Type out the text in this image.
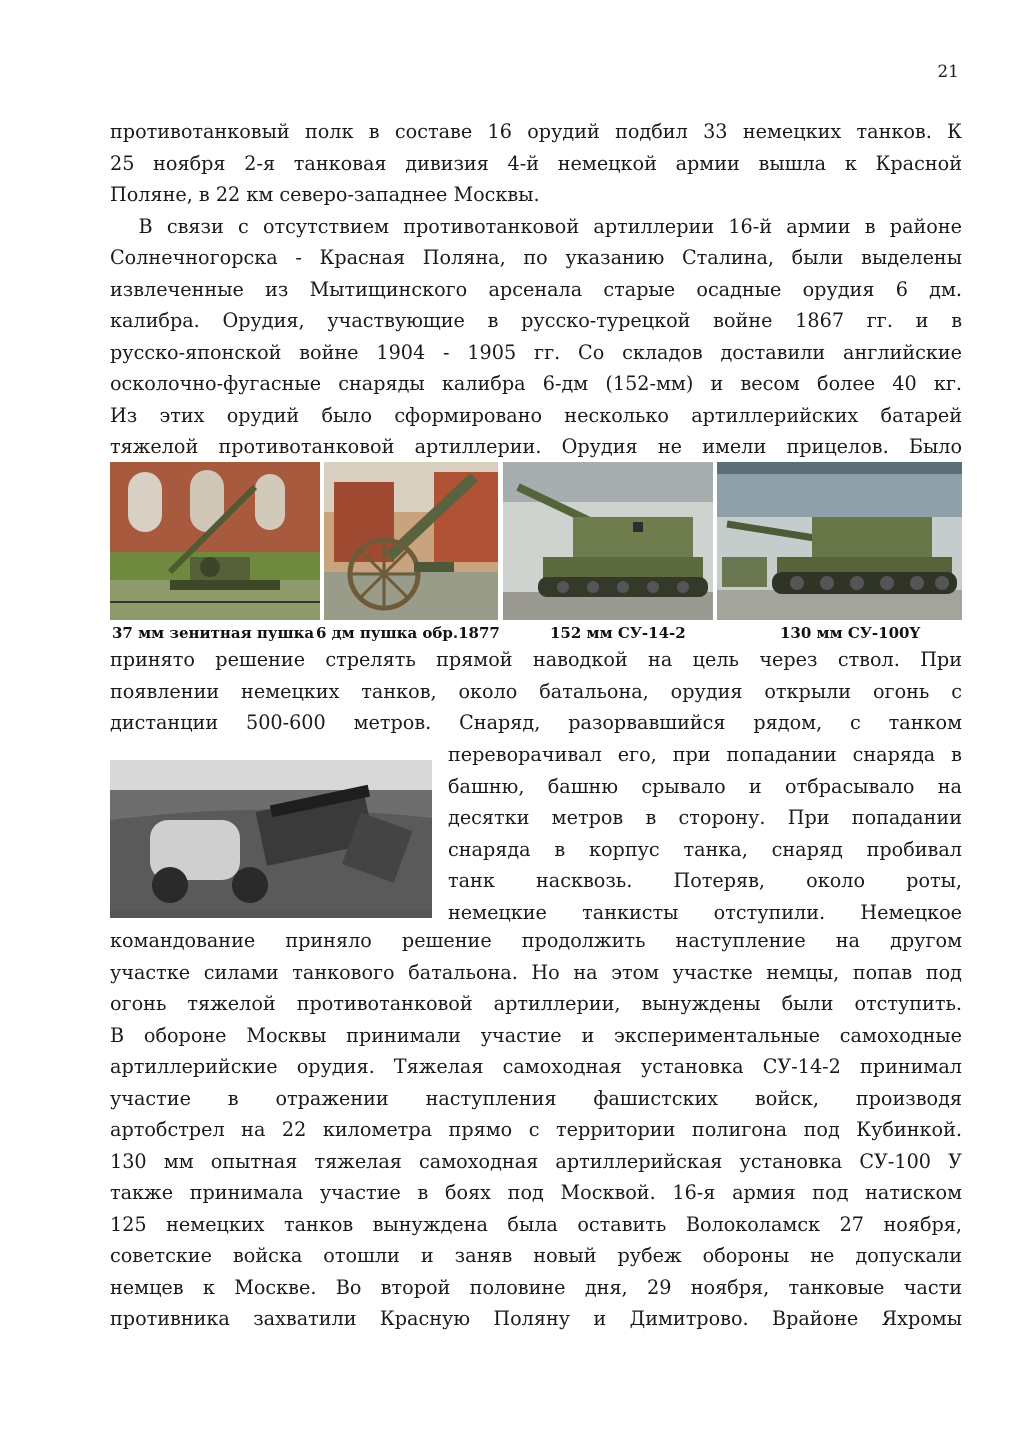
21
противотанковый полк в составе 16 орудий подбил 33 немецких танков. К
25 ноября 2-я танковая дивизия 4-й немецкой армии вышла к Красной
Поляне, в 22 км северо-западнее Москвы.
В связи с отсутствием противотанковой артиллерии 16-й армии в районе
Солнечногорска - Красная Поляна, по указанию Сталина, были выделены
извлеченные из Мытищинского арсенала старые осадные орудия 6 дм.
калибра. Орудия, участвующие в русско-турецкой войне 1867 гг. и в
русско-японской войне 1904 - 1905 гг. Со складов доставили английские
осколочно-фугасные снаряды калибра 6-дм (152-мм) и весом более 40 кг.
Из этих орудий было сформировано несколько артиллерийских батарей
тяжелой противотанковой артиллерии. Орудия не имели прицелов. Было
37 мм зенитная пушка 6 дм пушка обр.1877	152 мм СУ-14-2	130 мм СУ-100Y
принято решение стрелять прямой наводкой на цель через ствол. При
появлении немецких танков, около батальона, орудия открыли огонь с
дистанции 500-600 метров. Снаряд, разорвавшийся рядом, с танком
переворачивал его, при попадании снаряда в
башню, башню срывало и отбрасывало на
десятки метров в сторону. При попадании
снаряда в корпус танка, снаряд пробивал
танк насквозь. Потеряв, около роты,
немецкие танкисты отступили. Немецкое
командование приняло решение продолжить наступление на другом
участке силами танкового батальона. Но на этом участке немцы, попав под
огонь тяжелой противотанковой артиллерии, вынуждены были отступить.
В обороне Москвы принимали участие и экспериментальные самоходные
артиллерийские орудия. Тяжелая самоходная установка СУ-14-2 принимал
участие в отражении наступления фашистских войск, производя
артобстрел на 22 километра прямо с территории полигона под Кубинкой.
130 мм опытная тяжелая самоходная артиллерийская установка СУ-100 У
также принимала участие в боях под Москвой. 16-я армия под натиском
125 немецких танков вынуждена была оставить Волоколамск 27 ноября,
советские войска отошли и заняв новый рубеж обороны не допускали
немцев к Москве. Во второй половине дня, 29 ноября, танковые части
противника захватили Красную Поляну и Димитрово. Врайоне Яхромы
